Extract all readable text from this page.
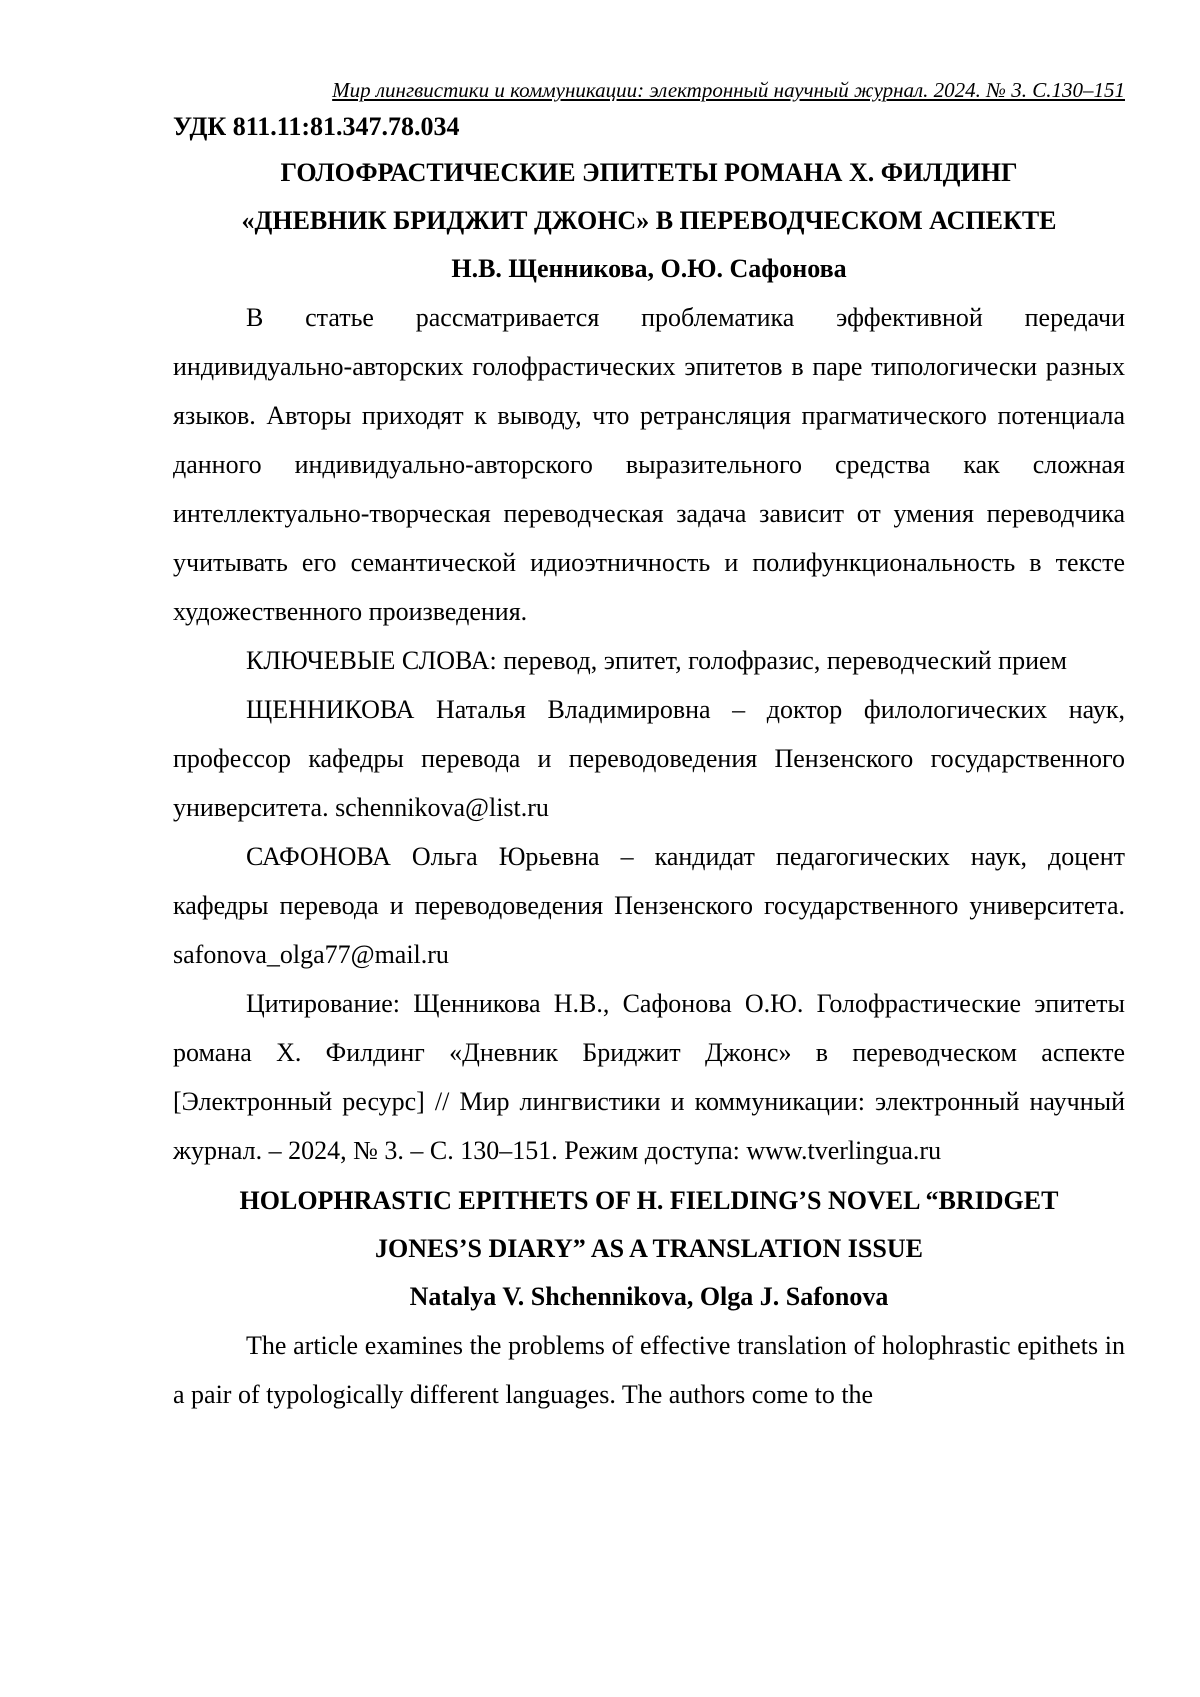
Мир лингвистики и коммуникации: электронный научный журнал. 2024. № 3. С.130–151

УДК 811.11:81.347.78.034

ГОЛОФРАСТИЧЕСКИЕ ЭПИТЕТЫ РОМАНА Х. ФИЛДИНГ
«ДНЕВНИК БРИДЖИТ ДЖОНС» В ПЕРЕВОДЧЕСКОМ АСПЕКТЕ

Н.В. Щенникова, О.Ю. Сафонова

В статье рассматривается проблематика эффективной передачи индивидуально-авторских голофрастических эпитетов в паре типологически разных языков. Авторы приходят к выводу, что ретрансляция прагматического потенциала данного индивидуально-авторского выразительного средства как сложная интеллектуально-творческая переводческая задача зависит от умения переводчика учитывать его семантической идиоэтничность и полифункциональность в тексте художественного произведения.

КЛЮЧЕВЫЕ СЛОВА: перевод, эпитет, голофразис, переводческий прием

ЩЕННИКОВА Наталья Владимировна – доктор филологических наук, профессор кафедры перевода и переводоведения Пензенского государственного университета. schennikova@list.ru

САФОНОВА Ольга Юрьевна – кандидат педагогических наук, доцент кафедры перевода и переводоведения Пензенского государственного университета. safonova_olga77@mail.ru

Цитирование: Щенникова Н.В., Сафонова О.Ю. Голофрастические эпитеты романа Х. Филдинг «Дневник Бриджит Джонс» в переводческом аспекте [Электронный ресурс] // Мир лингвистики и коммуникации: электронный научный журнал. – 2024, № 3. – С. 130–151. Режим доступа: www.tverlingua.ru

HOLOPHRASTIC EPITHETS OF H. FIELDING’S NOVEL “BRIDGET
JONES’S DIARY” AS A TRANSLATION ISSUE

Natalya V. Shchennikova, Olga J. Safonova

The article examines the problems of effective translation of holophrastic epithets in a pair of typologically different languages. The authors come to the
